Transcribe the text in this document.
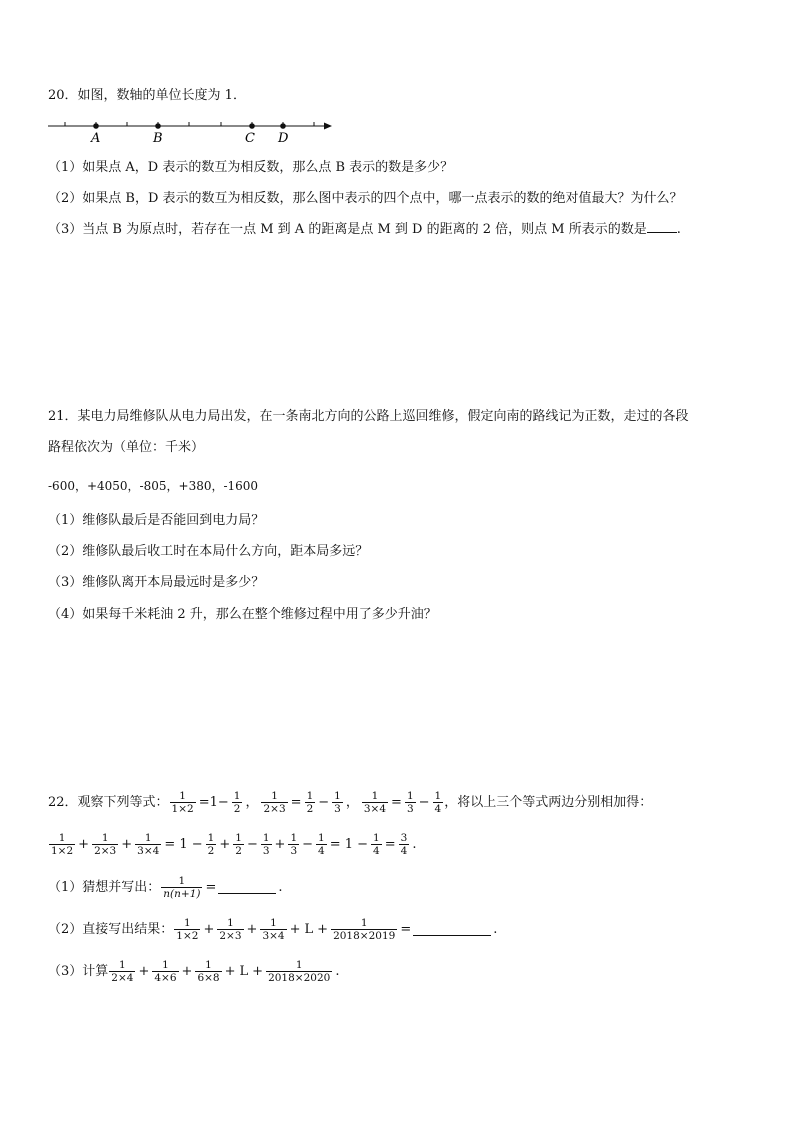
20．如图，数轴的单位长度为 1．
A	B	C D
（1）如果点 A，D 表示的数互为相反数，那么点 B 表示的数是多少？
（2）如果点 B，D 表示的数互为相反数，那么图中表示的四个点中，哪一点表示的数的绝对值最大？为什么？
（3）当点 B 为原点时，若存在一点 M 到 A 的距离是点 M 到 D 的距离的 2 倍，则点 M 所表示的数是 .
21．某电力局维修队从电力局出发，在一条南北方向的公路上巡回维修，假定向南的路线记为正数，走过的各段
路程依次为（单位：千米）
-600，+4050，-805，+380，-1600
（1）维修队最后是否能回到电力局？
（2）维修队最后收工时在本局什么方向，距本局多远？
（3）维修队离开本局最远时是多少？
（4）如果每千米耗油 2 升，那么在整个维修过程中用了多少升油？
22．观察下列等式： $\frac{1}{1\times 2} =1- \frac{1}{2}$ ， $\frac{1}{2\times 3} = \frac{1}{2} - \frac{1}{3}$ ， $\frac{1}{3\times 4} = \frac{1}{3} - \frac{1}{4}$ ，将以上三个等式两边分别相加得：
$\frac{1}{1\times 2} + \frac{1}{2\times 3} + \frac{1}{3\times 4} = 1 - \frac{1}{2} + \frac{1}{2} - \frac{1}{3} + \frac{1}{3} - \frac{1}{4} = 1 - \frac{1}{4} = \frac{3}{4}$ .
（1）猜想并写出： $\frac{1}{n(n+1)}$ =	.
（2）直接写出结果： $\frac{1}{1\times 2} + \frac{1}{2\times 3} + \frac{1}{3\times 4} + L + \frac{1}{2018\times 2019}$ =	.
（3）计算 $\frac{1}{2\times 4} + \frac{1}{4\times 6} + \frac{1}{6\times 8} + L + \frac{1}{2018\times 2020}$ .
